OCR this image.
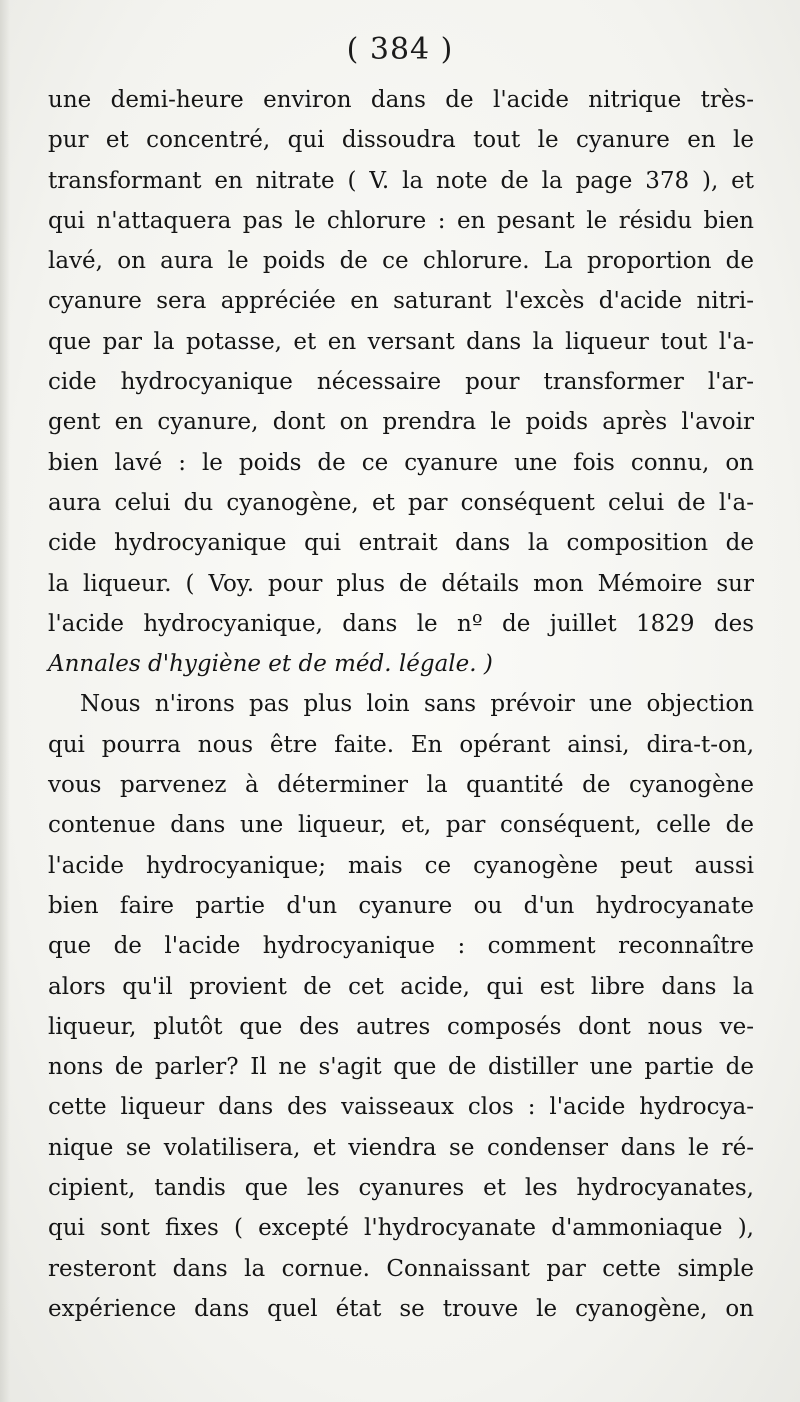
( 384 )
une demi-heure environ dans de l'acide nitrique très-
pur et concentré, qui dissoudra tout le cyanure en le
transformant en nitrate ( V. la note de la page 378 ), et
qui n'attaquera pas le chlorure : en pesant le résidu bien
lavé, on aura le poids de ce chlorure. La proportion de
cyanure sera appréciée en saturant l'excès d'acide nitri-
que par la potasse, et en versant dans la liqueur tout l'a-
cide hydrocyanique nécessaire pour transformer l'ar-
gent en cyanure, dont on prendra le poids après l'avoir
bien lavé : le poids de ce cyanure une fois connu, on
aura celui du cyanogène, et par conséquent celui de l'a-
cide hydrocyanique qui entrait dans la composition de
la liqueur. ( Voy. pour plus de détails mon Mémoire sur
l'acide hydrocyanique, dans le nº de juillet 1829 des
Annales d'hygiène et de méd. légale. )
Nous n'irons pas plus loin sans prévoir une objection
qui pourra nous être faite. En opérant ainsi, dira-t-on,
vous parvenez à déterminer la quantité de cyanogène
contenue dans une liqueur, et, par conséquent, celle de
l'acide hydrocyanique; mais ce cyanogène peut aussi
bien faire partie d'un cyanure ou d'un hydrocyanate
que de l'acide hydrocyanique : comment reconnaître
alors qu'il provient de cet acide, qui est libre dans la
liqueur, plutôt que des autres composés dont nous ve-
nons de parler? Il ne s'agit que de distiller une partie de
cette liqueur dans des vaisseaux clos : l'acide hydrocya-
nique se volatilisera, et viendra se condenser dans le ré-
cipient, tandis que les cyanures et les hydrocyanates,
qui sont fixes ( excepté l'hydrocyanate d'ammoniaque ),
resteront dans la cornue. Connaissant par cette simple
expérience dans quel état se trouve le cyanogène, on
